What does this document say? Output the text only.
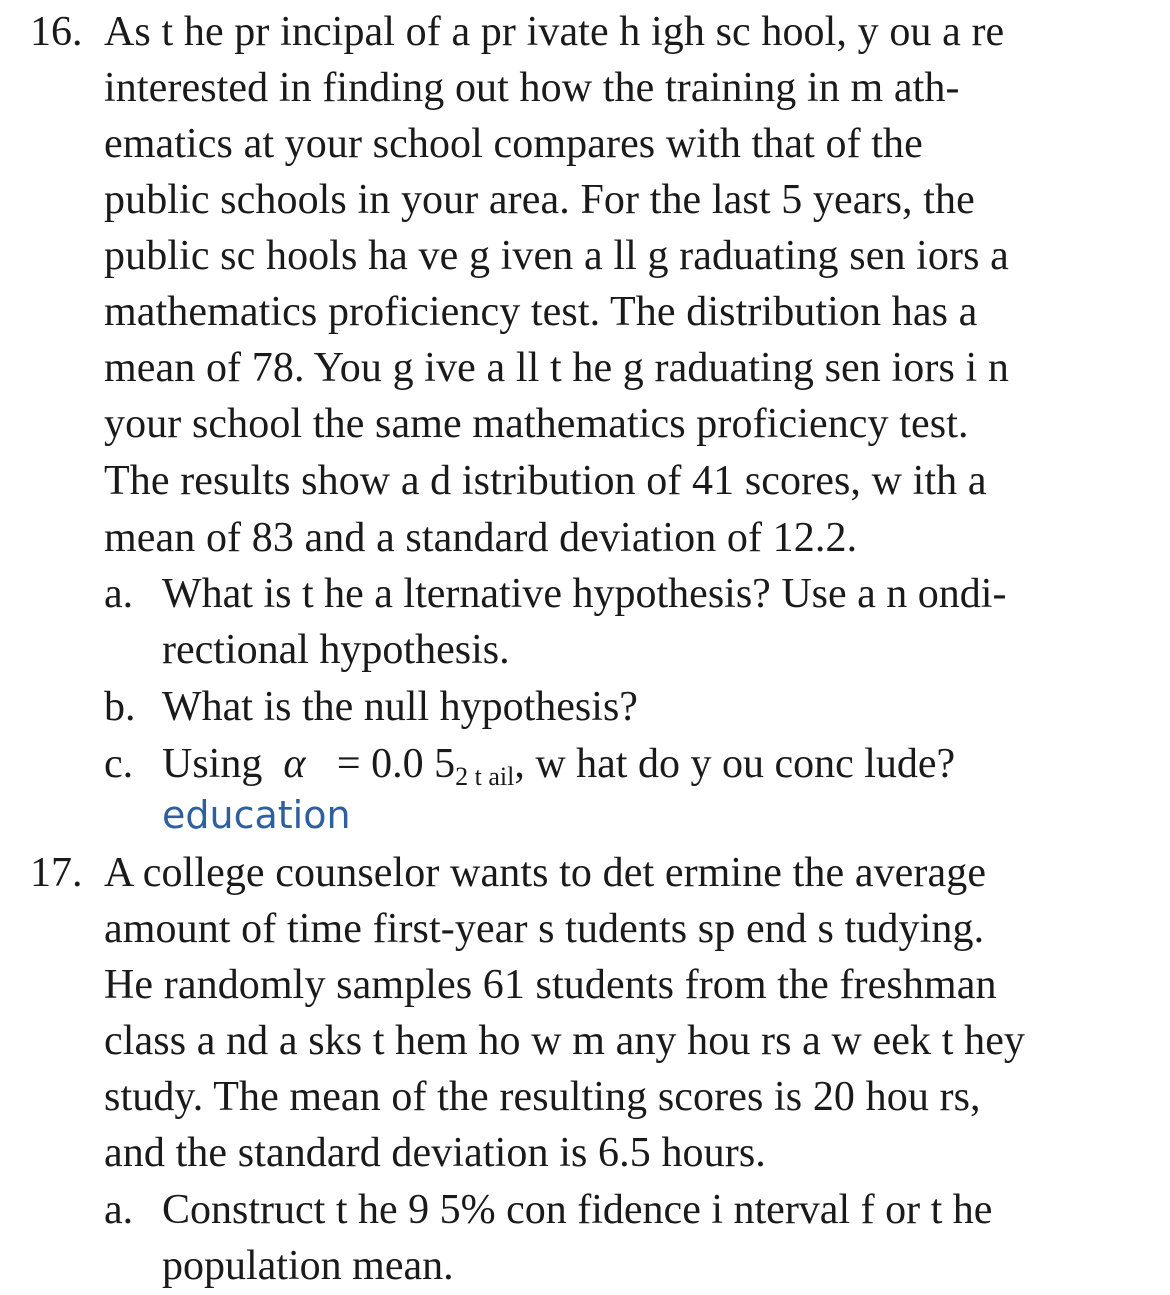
16. As t he pr incipal of a pr ivate h igh sc hool, y ou a re
interested in finding out how the training in m ath-
ematics at your school compares with that of the
public schools in your area. For the last 5 years, the
public sc hools ha ve g iven a ll g raduating sen iors a
mathematics proficiency test. The distribution has a
mean of 78. You g ive a ll t he g raduating sen iors i n
your school the same mathematics proficiency test.
The results show a d istribution of 41 scores, w ith a
mean of 83 and a standard deviation of 12.2.
a. What is t he a lternative hypothesis? Use a n ondi-
rectional hypothesis.
b. What is the null hypothesis?
c. Using α = 0.0 $5_{2 t ail}$, w hat do y ou conc lude?
education
17. A college counselor wants to det ermine the average
amount of time first-year s tudents sp end s tudying.
He randomly samples 61 students from the freshman
class a nd a sks t hem ho w m any hou rs a w eek t hey
study. The mean of the resulting scores is 20 hou rs,
and the standard deviation is 6.5 hours.
a. Construct t he 9 5% con fidence i nterval f or t he
population mean.
